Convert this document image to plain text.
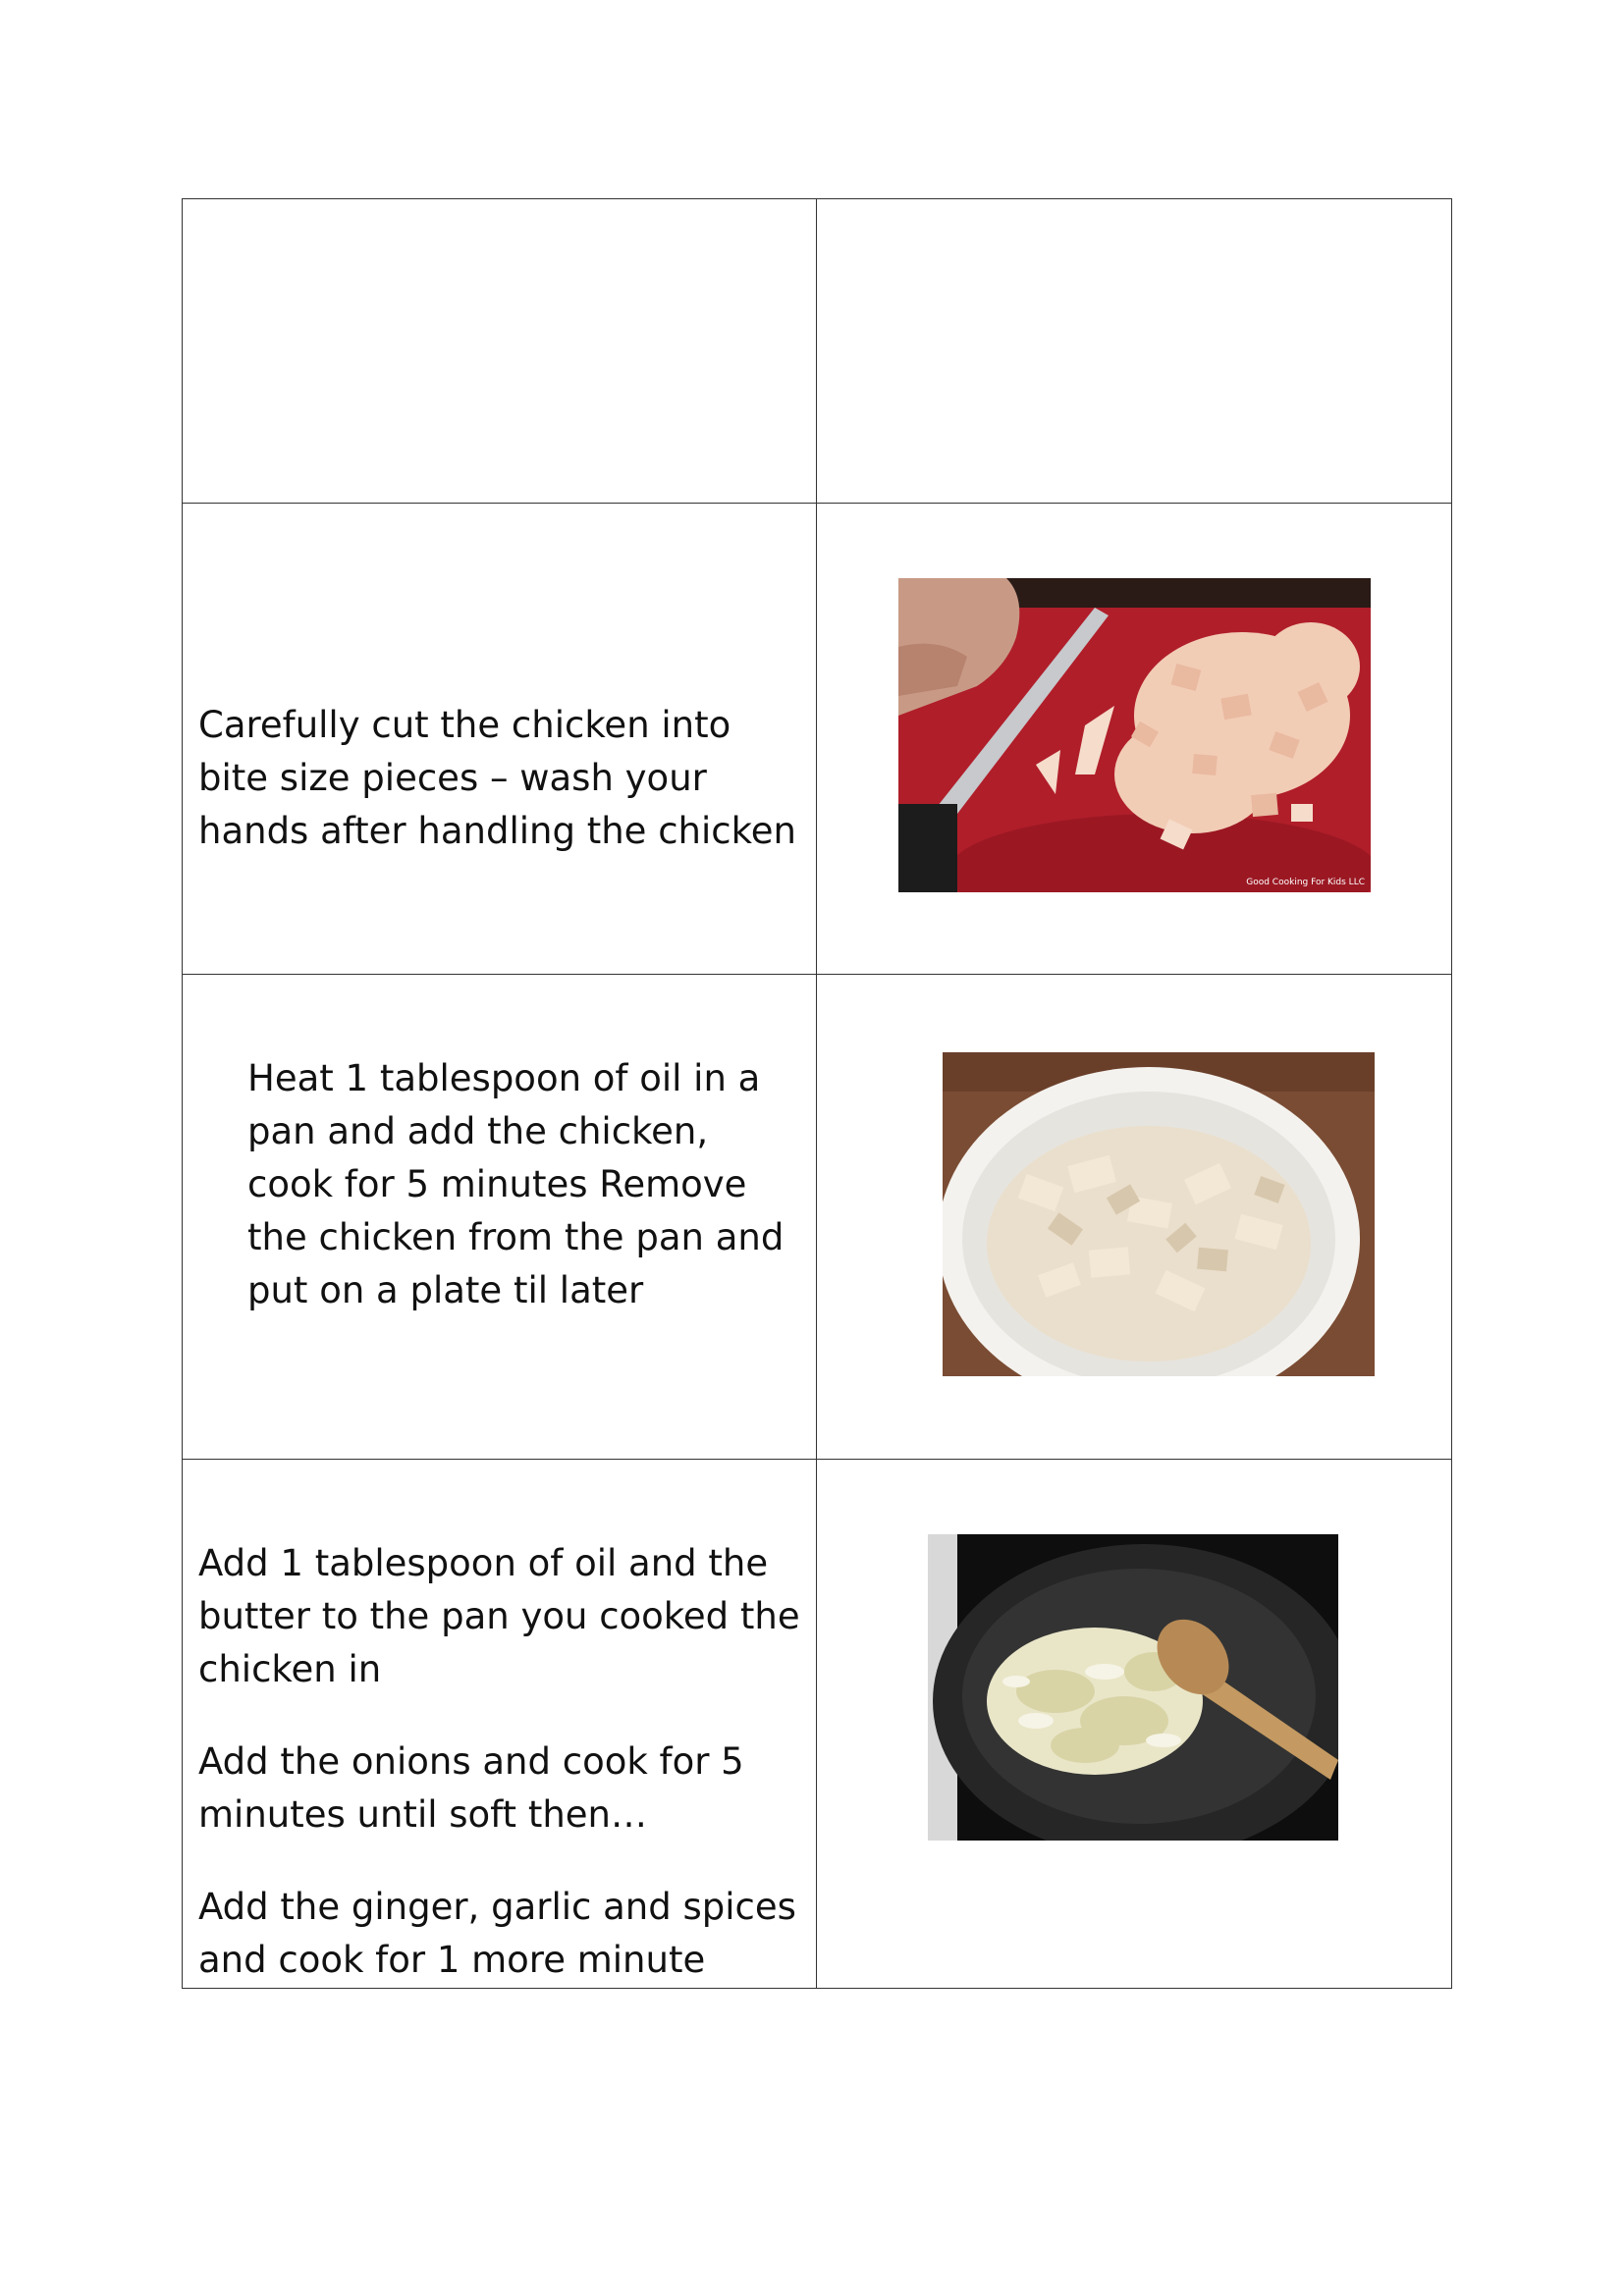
Carefully cut the chicken into bite size pieces – wash your hands after handling the chicken

Good Cooking For Kids LLC

Heat 1 tablespoon of oil in a pan and add the chicken, cook for 5 minutes Remove the chicken from the pan and put on a plate til later

Add 1 tablespoon of oil and the butter to the pan you cooked the chicken in

Add the onions and cook for 5 minutes until soft then…

Add the ginger, garlic and spices and cook for 1 more minute
